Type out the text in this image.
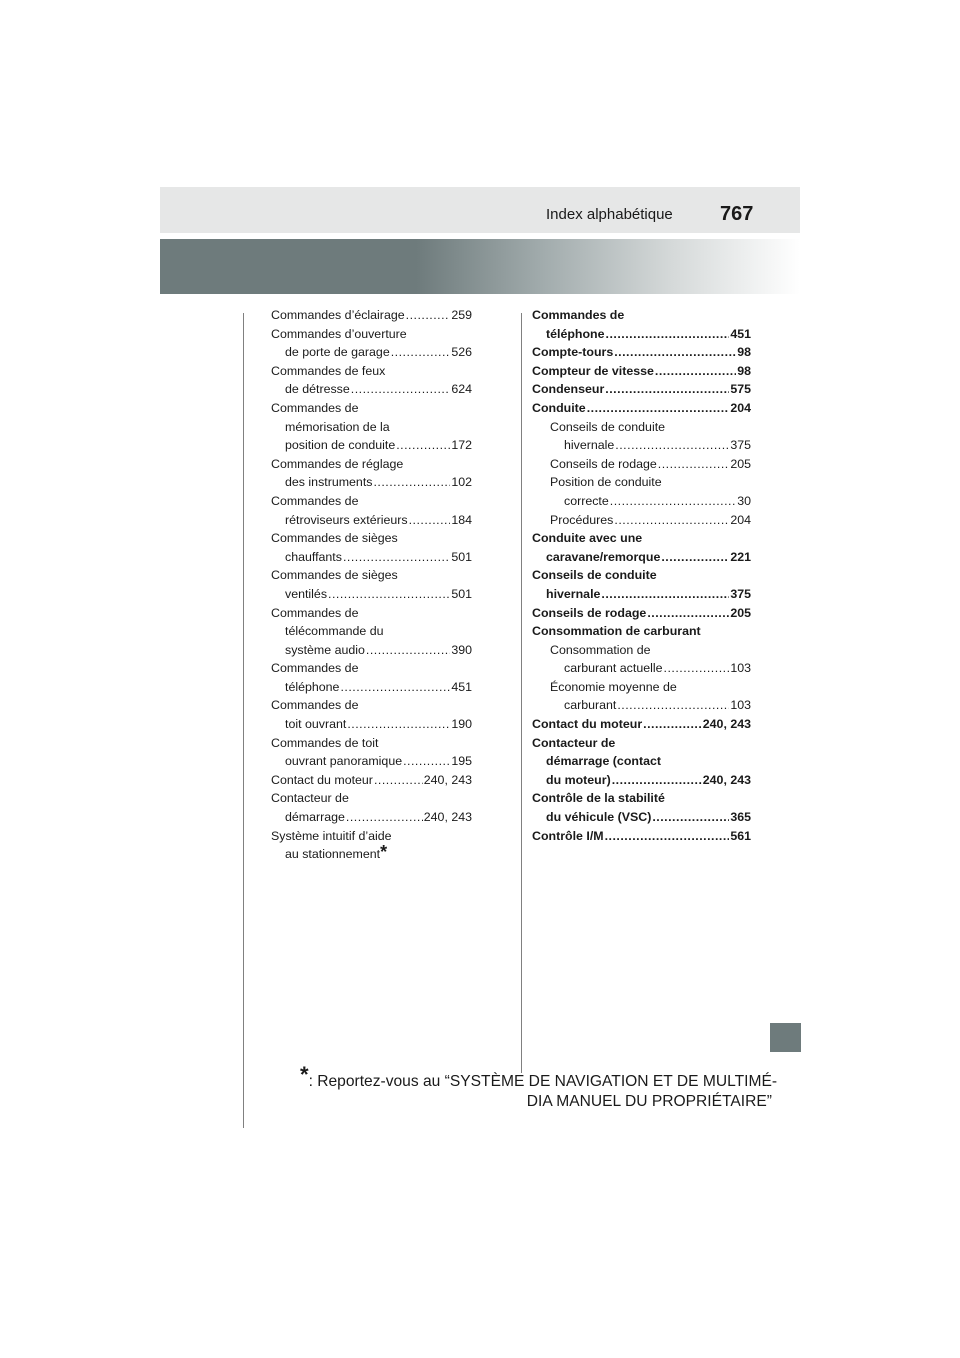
Index alphabétique 767
Commandes d’éclairage .....	259
Commandes d’ouverture
de porte de garage .....	526
Commandes de feux
de détresse .....	624
Commandes de
mémorisation de la
position de conduite .....	172
Commandes de réglage
des instruments .....	102
Commandes de
rétroviseurs extérieurs .....	184
Commandes de sièges
chauffants .....	501
Commandes de sièges
ventilés .....	501
Commandes de
télécommande du
système audio .....	390
Commandes de
téléphone .....	451
Commandes de
toit ouvrant .....	190
Commandes de toit
ouvrant panoramique .....	195
Contact du moteur .....	240, 243
Contacteur de
démarrage .....	240, 243
Système intuitif d’aide
au stationnement *
Commandes de
téléphone .....	451
Compte-tours .....	98
Compteur de vitesse .....	98
Condenseur .....	575
Conduite .....	204
Conseils de conduite
hivernale .....	375
Conseils de rodage .....	205
Position de conduite
correcte .....	30
Procédures .....	204
Conduite avec une
caravane/remorque .....	221
Conseils de conduite
hivernale .....	375
Conseils de rodage .....	205
Consommation de carburant
Consommation de
carburant actuelle .....	103
Économie moyenne de
carburant .....	103
Contact du moteur .....	240, 243
Contacteur de
démarrage (contact
du moteur) .....	240, 243
Contrôle de la stabilité
du véhicule (VSC) .....	365
Contrôle I/M .....	561
*: Reportez-vous au “SYSTÈME DE NAVIGATION ET DE MULTIMÉ-
DIA MANUEL DU PROPRIÉTAIRE”
